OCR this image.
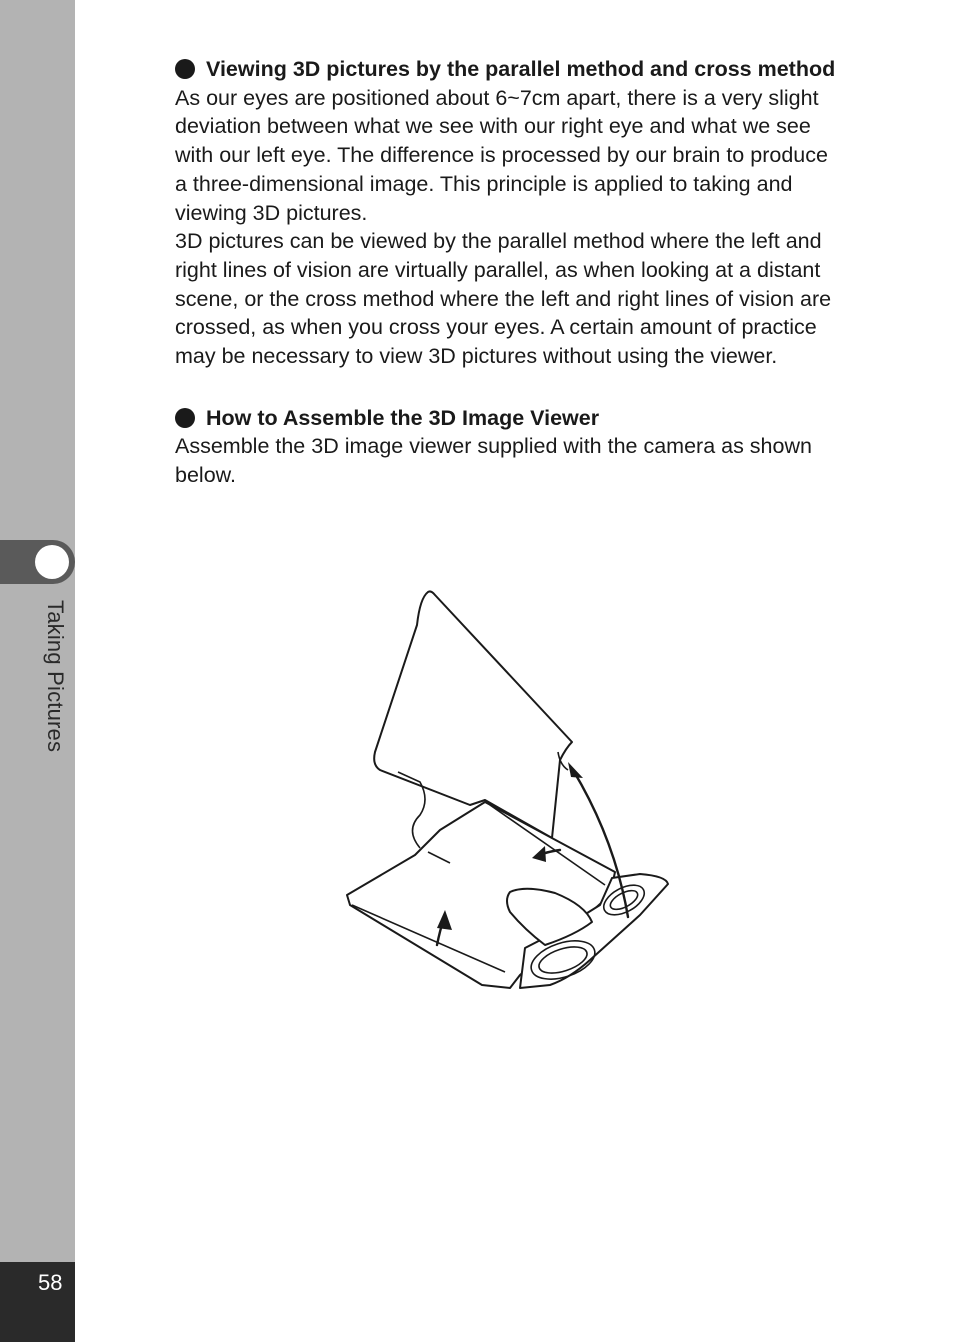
Taking Pictures
58
Viewing 3D pictures by the parallel method and cross method

As our eyes are positioned about 6~7cm apart, there is a very slight deviation between what we see with our right eye and what we see with our left eye. The difference is processed by our brain to produce a three-dimensional image. This principle is applied to taking and viewing 3D pictures.

3D pictures can be viewed by the parallel method where the left and right lines of vision are virtually parallel, as when looking at a distant scene, or the cross method where the left and right lines of vision are crossed, as when you cross your eyes. A certain amount of practice may be necessary to view 3D pictures without using the viewer.

How to Assemble the 3D Image Viewer

Assemble the 3D image viewer supplied with the camera as shown below.
